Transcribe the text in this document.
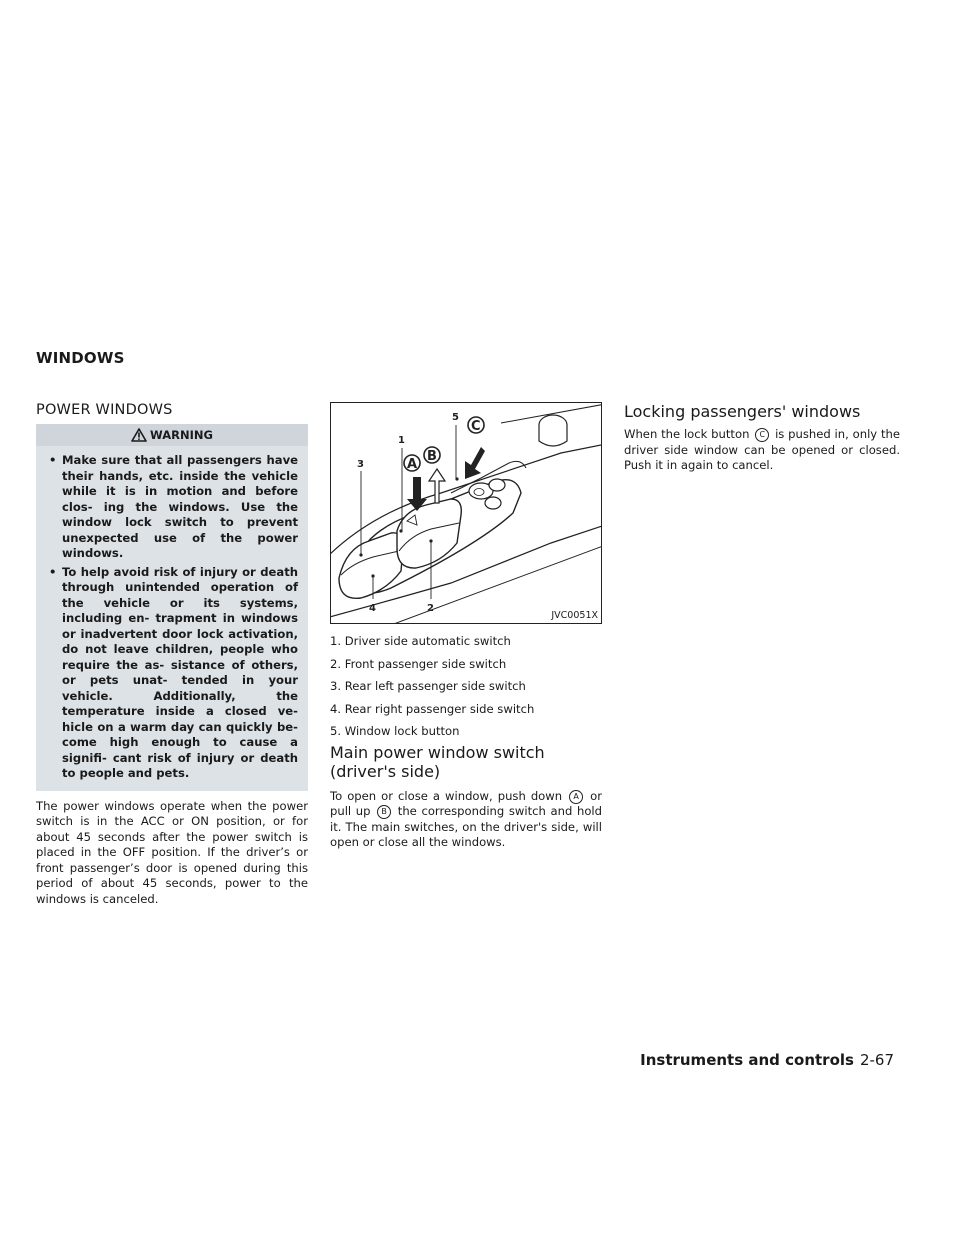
WINDOWS
POWER WINDOWS
WARNING
• Make sure that all passengers have their hands, etc. inside the vehicle while it is in motion and before clos- ing the windows. Use the window lock switch to prevent unexpected use of the power windows.
• To help avoid risk of injury or death through unintended operation of the vehicle or its systems, including en- trapment in windows or inadvertent door lock activation, do not leave children, people who require the as- sistance of others, or pets unat- tended in your vehicle. Additionally, the temperature inside a closed ve- hicle on a warm day can quickly be- come high enough to cause a signifi- cant risk of injury or death to people and pets.

The power windows operate when the power switch is in the ACC or ON position, or for about 45 seconds after the power switch is placed in the OFF position. If the driver’s or front passenger’s door is opened during this period of about 45 seconds, power to the windows is canceled.

1
5
3
4	2
A
B
C
JVC0051X
1. Driver side automatic switch
2. Front passenger side switch
3. Rear left passenger side switch
4. Rear right passenger side switch
5. Window lock button
Main power window switch
(driver's side)

To open or close a window, push down A or pull up B the corresponding switch and hold it. The main switches, on the driver's side, will open or close all the windows.

Locking passengers' windows

When the lock button C is pushed in, only the driver side window can be opened or closed. Push it in again to cancel.

Instruments and controls 2-67
